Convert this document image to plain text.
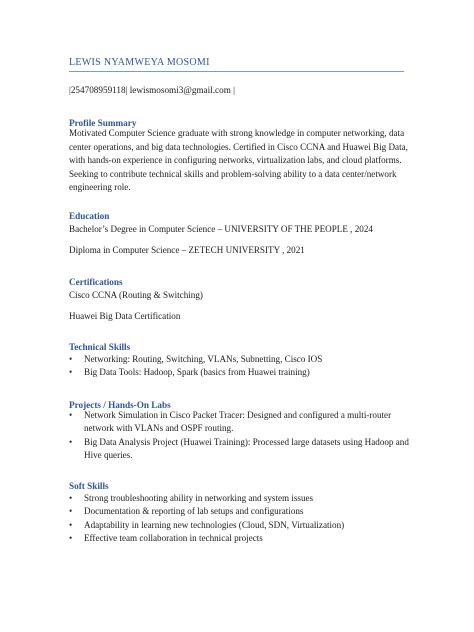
LEWIS NYAMWEYA MOSOMI
|254708959118| lewismosomi3@gmail.com |
Profile Summary
Motivated Computer Science graduate with strong knowledge in computer networking, data center operations, and big data technologies. Certified in Cisco CCNA and Huawei Big Data, with hands-on experience in configuring networks, virtualization labs, and cloud platforms. Seeking to contribute technical skills and problem-solving ability to a data center/network engineering role.
Education
Bachelor’s Degree in Computer Science – UNIVERSITY OF THE PEOPLE , 2024
Diploma in Computer Science – ZETECH UNIVERSITY , 2021
Certifications
Cisco CCNA (Routing & Switching)
Huawei Big Data Certification
Technical Skills
• Networking: Routing, Switching, VLANs, Subnetting, Cisco IOS
• Big Data Tools: Hadoop, Spark (basics from Huawei training)
Projects / Hands-On Labs
• Network Simulation in Cisco Packet Tracer: Designed and configured a multi-router network with VLANs and OSPF routing.
• Big Data Analysis Project (Huawei Training): Processed large datasets using Hadoop and Hive queries.
Soft Skills
• Strong troubleshooting ability in networking and system issues
• Documentation & reporting of lab setups and configurations
• Adaptability in learning new technologies (Cloud, SDN, Virtualization)
• Effective team collaboration in technical projects
